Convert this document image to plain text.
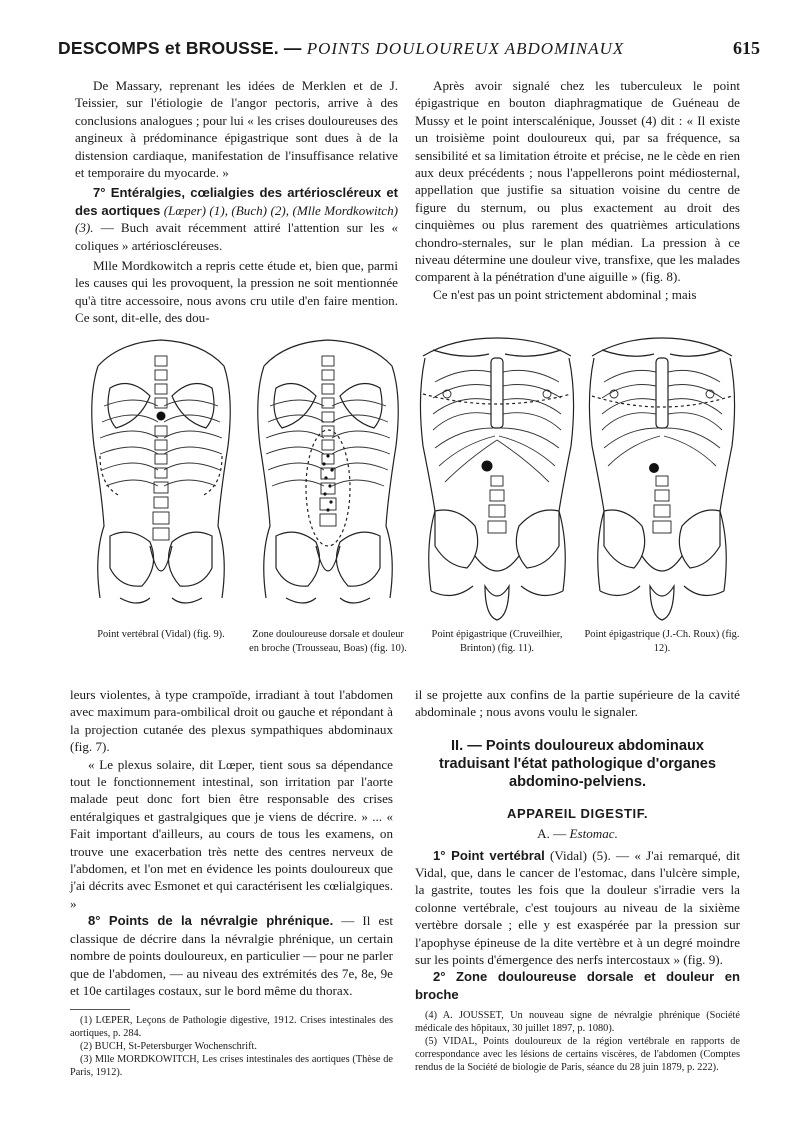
DESCOMPS et BROUSSE. — POINTS DOULOUREUX ABDOMINAUX	615

De Massary, reprenant les idées de Merklen et de J. Teissier, sur l'étiologie de l'angor pectoris, arrive à des conclusions analogues ; pour lui « les crises douloureuses des angineux à prédominance épigastrique sont dues à de la distension cardiaque, manifestation de l'insuffisance relative et temporaire du myocarde. »

7° Entéralgies, cœlialgies des artérioscléreux et des aortiques (Lœper) (1), (Buch) (2), (Mlle Mordkowitch) (3). — Buch avait récemment attiré l'attention sur les « coliques » artérioscléreuses.

Mlle Mordkowitch a repris cette étude et, bien que, parmi les causes qui les provoquent, la pression ne soit mentionnée qu'à titre accessoire, nous avons cru utile d'en faire mention. Ce sont, dit-elle, des dou-

Après avoir signalé chez les tuberculeux le point épigastrique en bouton diaphragmatique de Guéneau de Mussy et le point interscalénique, Jousset (4) dit : « Il existe un troisième point douloureux qui, par sa fréquence, sa sensibilité et sa limitation étroite et précise, ne le cède en rien aux deux précédents ; nous l'appellerons point médiosternal, appellation que justifie sa situation voisine du centre de figure du sternum, ou plus exactement au droit des cinquièmes ou plus rarement des quatrièmes articulations chondro-sternales, sur le plan médian. La pression à ce niveau détermine une douleur vive, transfixe, que les malades comparent à la pénétration d'une aiguille » (fig. 8).

Ce n'est pas un point strictement abdominal ; mais

Point vertébral (Vidal) (fig. 9).	Zone douloureuse dorsale et douleur en broche (Trousseau, Boas) (fig. 10).
Point épigastrique (Cruveilhier, Brinton) (fig. 11).
Point épigastrique (J.-Ch. Roux) (fig. 12).

leurs violentes, à type crampoïde, irradiant à tout l'abdomen avec maximum para-ombilical droit ou gauche et répondant à la projection cutanée des plexus sympathiques abdominaux (fig. 7).

« Le plexus solaire, dit Lœper, tient sous sa dépendance tout le fonctionnement intestinal, son irritation par l'aorte malade peut donc fort bien être responsable des crises entéralgiques et gastralgiques que je viens de décrire. » ... « Fait important d'ailleurs, au cours de tous les examens, on trouve une exacerbation très nette des centres nerveux de l'abdomen, et l'on met en évidence les points douloureux que j'ai décrits avec Esmonet et qui caractérisent les cœlialgiques. »

8° Points de la névralgie phrénique. — Il est classique de décrire dans la névralgie phrénique, un certain nombre de points douloureux, en particulier — pour ne parler que de l'abdomen, — au niveau des extrémités des 7e, 8e, 9e et 10e cartilages costaux, sur le bord même du thorax.

(1) LŒPER, Leçons de Pathologie digestive, 1912. Crises intestinales des aortiques, p. 284.

(2) BUCH, St-Petersburger Wochenschrift.

(3) Mlle MORDKOWITCH, Les crises intestinales des aortiques (Thèse de Paris, 1912).

il se projette aux confins de la partie supérieure de la cavité abdominale ; nous avons voulu le signaler.

II. — Points douloureux abdominaux traduisant l'état pathologique d'organes abdomino-pelviens.
APPAREIL DIGESTIF.
A. — Estomac.

1° Point vertébral (Vidal) (5). — « J'ai remarqué, dit Vidal, que, dans le cancer de l'estomac, dans l'ulcère simple, la gastrite, toutes les fois que la douleur s'irradie vers la colonne vertébrale, c'est toujours au niveau de la sixième vertèbre dorsale ; elle y est exaspérée par la pression sur l'apophyse épineuse de la dite vertèbre et à un degré moindre sur les points d'émergence des nerfs intercostaux » (fig. 9).

2° Zone douloureuse dorsale et douleur en broche

(4) A. JOUSSET, Un nouveau signe de névralgie phrénique (Société médicale des hôpitaux, 30 juillet 1897, p. 1080).

(5) VIDAL, Points douloureux de la région vertébrale en rapports de correspondance avec les lésions de certains viscères, de l'abdomen (Comptes rendus de la Société de biologie de Paris, séance du 28 juin 1879, p. 222).
